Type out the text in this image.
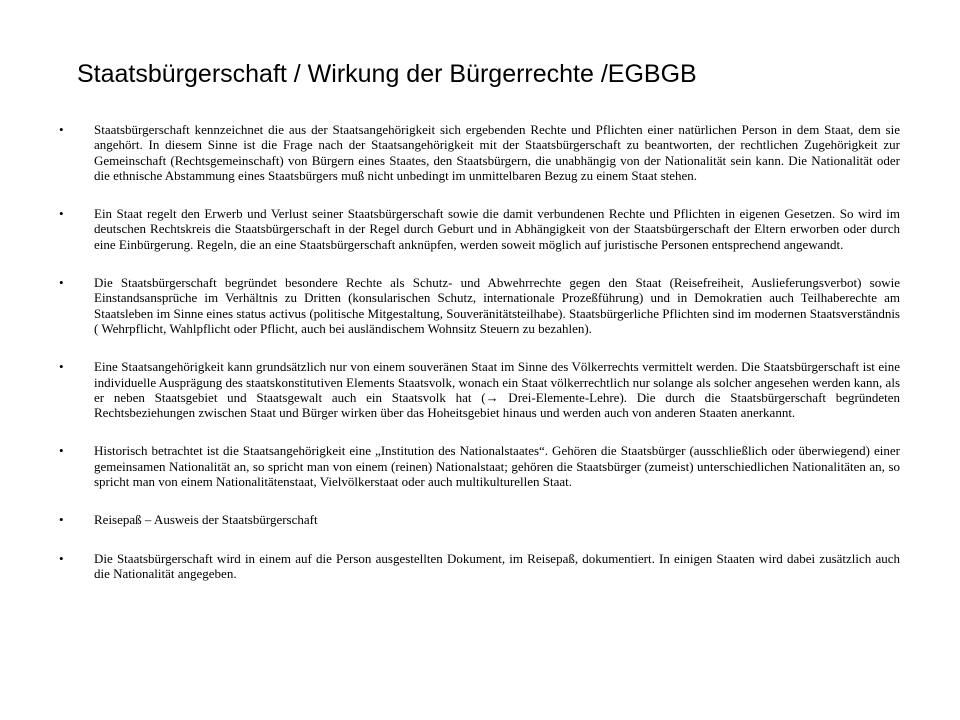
Staatsbürgerschaft / Wirkung der Bürgerrechte /EGBGB
•	Staatsbürgerschaft kennzeichnet die aus der Staatsangehörigkeit sich ergebenden Rechte und Pflichten einer natürlichen Person in dem Staat, dem sie angehört. In diesem Sinne ist die Frage nach der Staatsangehörigkeit mit der Staatsbürgerschaft zu beantworten, der rechtlichen Zugehörigkeit zur Gemeinschaft (Rechtsgemeinschaft) von Bürgern eines Staates, den Staatsbürgern, die unabhängig von der Nationalität sein kann. Die Nationalität oder die ethnische Abstammung eines Staatsbürgers muß nicht unbedingt im unmittelbaren Bezug zu einem Staat stehen.
•	Ein Staat regelt den Erwerb und Verlust seiner Staatsbürgerschaft sowie die damit verbundenen Rechte und Pflichten in eigenen Gesetzen. So wird im deutschen Rechtskreis die Staatsbürgerschaft in der Regel durch Geburt und in Abhängigkeit von der Staatsbürgerschaft der Eltern erworben oder durch eine Einbürgerung. Regeln, die an eine Staatsbürgerschaft anknüpfen, werden soweit möglich auf juristische Personen entsprechend angewandt.
•	Die Staatsbürgerschaft begründet besondere Rechte als Schutz- und Abwehrrechte gegen den Staat (Reisefreiheit, Auslieferungsverbot) sowie Einstandsansprüche im Verhältnis zu Dritten (konsularischen Schutz, internationale Prozeßführung) und in Demokratien auch Teilhaberechte am Staatsleben im Sinne eines status activus (politische Mitgestaltung, Souveränitätsteilhabe). Staatsbürgerliche Pflichten sind im modernen Staatsverständnis ( Wehrpflicht, Wahlpflicht oder Pflicht, auch bei ausländischem Wohnsitz Steuern zu bezahlen).
•	Eine Staatsangehörigkeit kann grundsätzlich nur von einem souveränen Staat im Sinne des Völkerrechts vermittelt werden. Die Staatsbürgerschaft ist eine individuelle Ausprägung des staatskonstitutiven Elements Staatsvolk, wonach ein Staat völkerrechtlich nur solange als solcher angesehen werden kann, als er neben Staatsgebiet und Staatsgewalt auch ein Staatsvolk hat (→ Drei-Elemente-Lehre). Die durch die Staatsbürgerschaft begründeten Rechtsbeziehungen zwischen Staat und Bürger wirken über das Hoheitsgebiet hinaus und werden auch von anderen Staaten anerkannt.
•	Historisch betrachtet ist die Staatsangehörigkeit eine „Institution des Nationalstaates“. Gehören die Staatsbürger (ausschließlich oder überwiegend) einer gemeinsamen Nationalität an, so spricht man von einem (reinen) Nationalstaat; gehören die Staatsbürger (zumeist) unterschiedlichen Nationalitäten an, so spricht man von einem Nationalitätenstaat, Vielvölkerstaat oder auch multikulturellen Staat.
•	Reisepaß – Ausweis der Staatsbürgerschaft
•	Die Staatsbürgerschaft wird in einem auf die Person ausgestellten Dokument, im Reisepaß, dokumentiert. In einigen Staaten wird dabei zusätzlich auch die Nationalität angegeben.
